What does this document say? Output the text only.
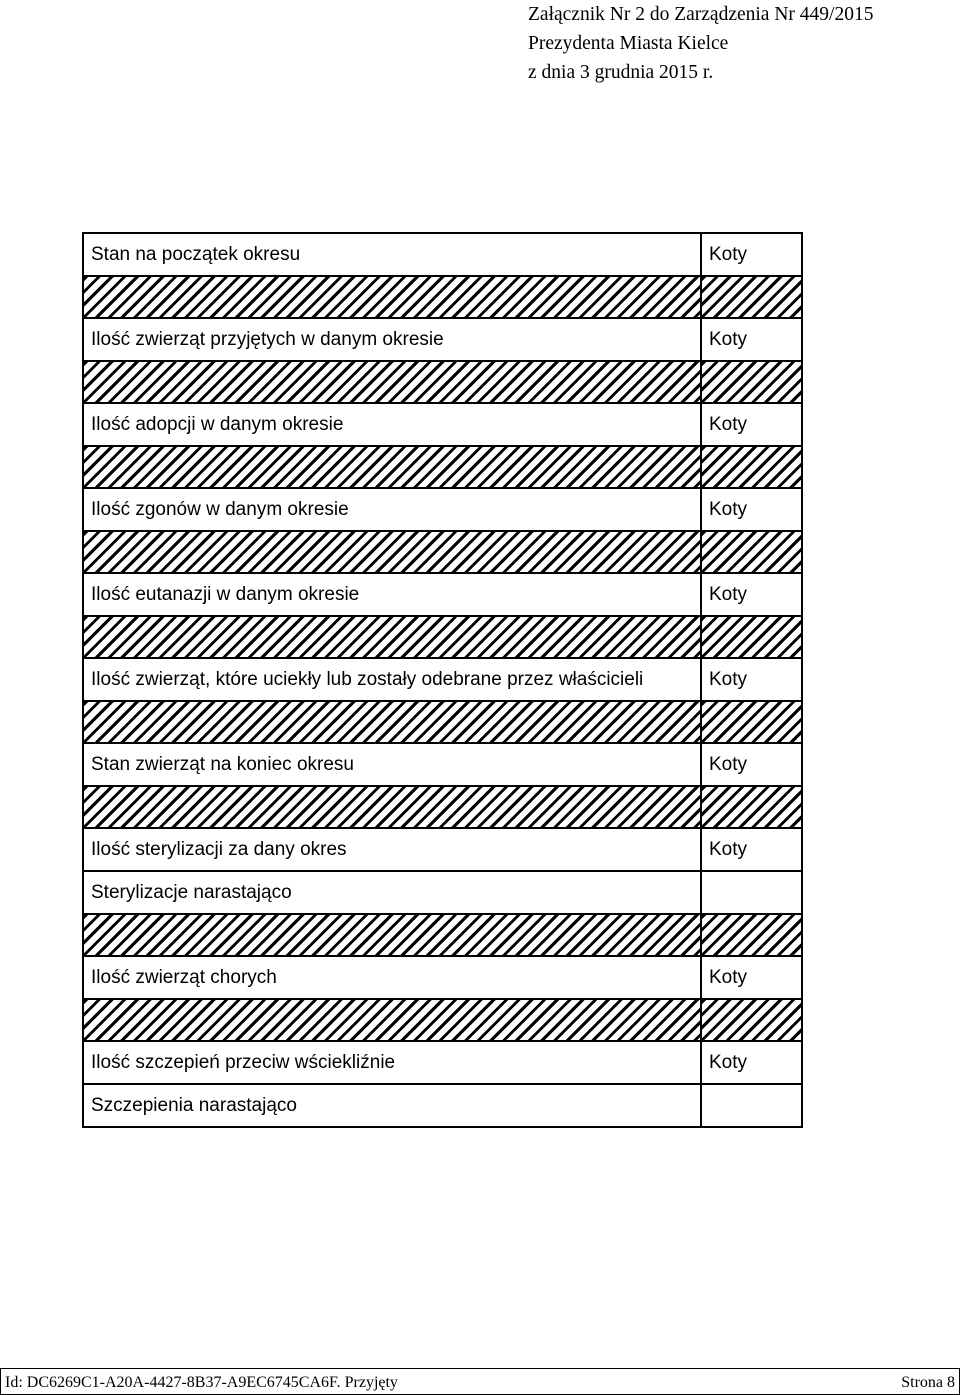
Załącznik Nr 2 do Zarządzenia Nr 449/2015
Prezydenta Miasta Kielce
z dnia 3 grudnia 2015 r.
Stan na początek okresu	Koty

Ilość zwierząt przyjętych w danym okresie	Koty

Ilość adopcji w danym okresie	Koty

Ilość zgonów w danym okresie	Koty

Ilość eutanazji w danym okresie	Koty

Ilość zwierząt, które uciekły lub zostały odebrane przez właścicieli	Koty

Stan zwierząt na koniec okresu	Koty

Ilość sterylizacji za dany okres	Koty
Sterylizacje narastająco	

Ilość zwierząt chorych	Koty

Ilość szczepień przeciw wściekliźnie	Koty
Szczepienia narastająco	
Id: DC6269C1-A20A-4427-8B37-A9EC6745CA6F. Przyjęty	Strona 8
